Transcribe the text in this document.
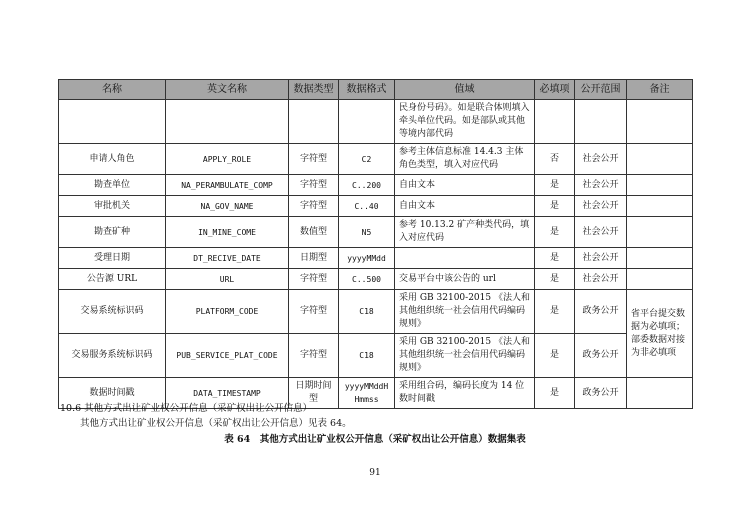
名称	英文名称	数据类型	数据格式	值域	必填项	公开范围	备注
				民身份号码》。如是联合体则填入牵头单位代码。如是部队或其他等境内部代码			
申请人角色	APPLY_ROLE	字符型	C2	参考主体信息标准 14.4.3 主体角色类型，填入对应代码	否	社会公开	
勘查单位	NA_PERAMBULATE_COMP	字符型	C..200	自由文本	是	社会公开	
审批机关	NA_GOV_NAME	字符型	C..40	自由文本	是	社会公开	
勘查矿种	IN_MINE_COME	数值型	N5	参考 10.13.2 矿产种类代码，填入对应代码	是	社会公开	
受理日期	DT_RECIVE_DATE	日期型	yyyyMMdd		是	社会公开	
公告源 URL	URL	字符型	C..500	交易平台中该公告的 url	是	社会公开	
交易系统标识码	PLATFORM_CODE	字符型	C18	采用 GB 32100-2015 《法人和其他组织统一社会信用代码编码规则》	是	政务公开	省平台提交数据为必填项；部委数据对接为非必填项
交易服务系统标识码	PUB_SERVICE_PLAT_CODE	字符型	C18	采用 GB 32100-2015 《法人和其他组织统一社会信用代码编码规则》	是	政务公开	
数据时间戳	DATA_TIMESTAMP	日期时间型	yyyyMMddHHmmss	采用组合码，编码长度为 14 位数时间戳	是	政务公开	
10.6 其他方式出让矿业权公开信息（采矿权出让公开信息）
其他方式出让矿业权公开信息（采矿权出让公开信息）见表 64。
表 64　其他方式出让矿业权公开信息（采矿权出让公开信息）数据集表
91
